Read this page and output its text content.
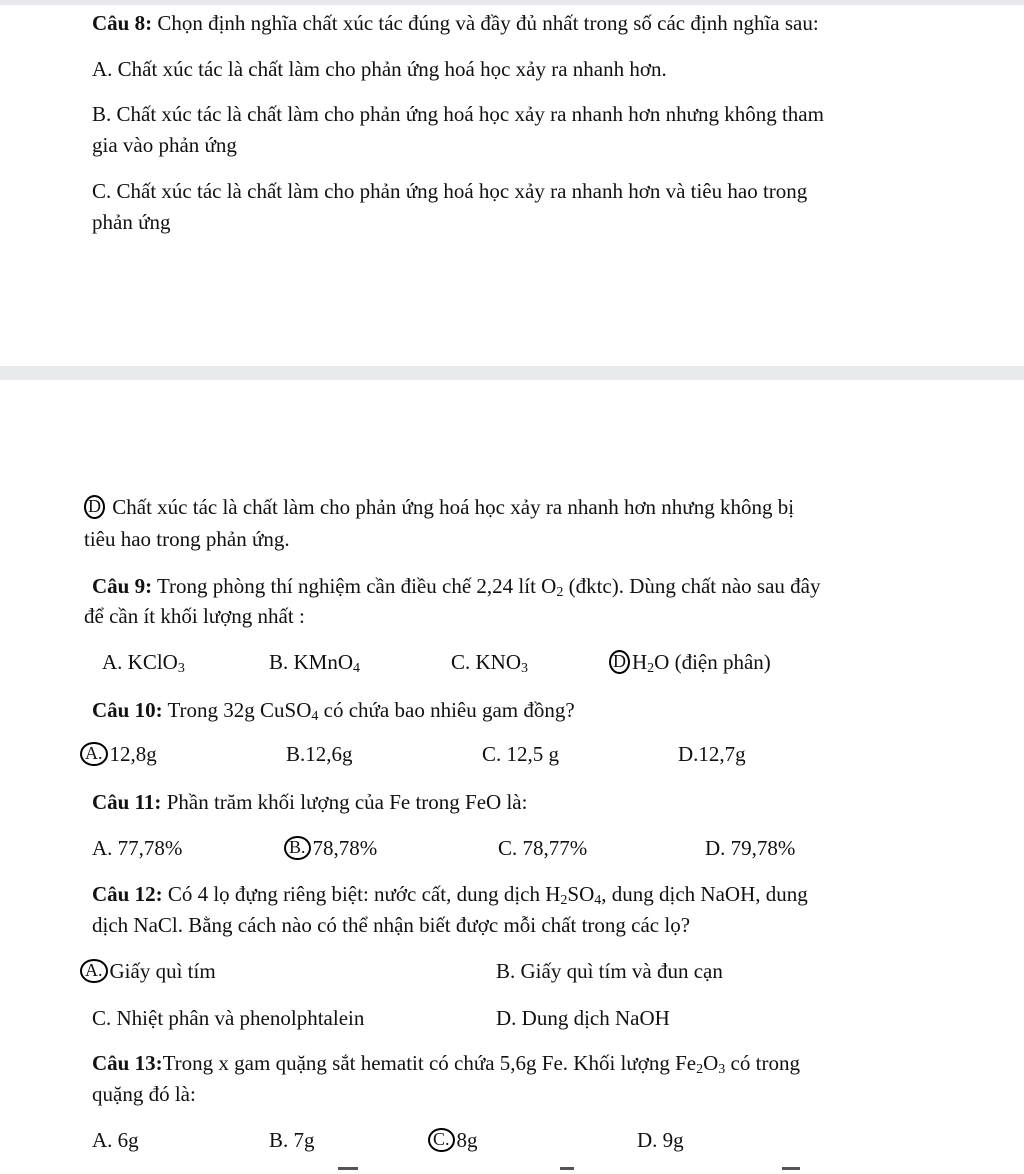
Câu 8: Chọn định nghĩa chất xúc tác đúng và đầy đủ nhất trong số các định nghĩa sau:
A. Chất xúc tác là chất làm cho phản ứng hoá học xảy ra nhanh hơn.
B. Chất xúc tác là chất làm cho phản ứng hoá học xảy ra nhanh hơn nhưng không tham
gia vào phản ứng
C. Chất xúc tác là chất làm cho phản ứng hoá học xảy ra nhanh hơn và tiêu hao trong
phản ứng
D Chất xúc tác là chất làm cho phản ứng hoá học xảy ra nhanh hơn nhưng không bị
tiêu hao trong phản ứng.
Câu 9: Trong phòng thí nghiệm cần điều chế 2,24 lít $O_2$ (đktc). Dùng chất nào sau đây
để cần ít khối lượng nhất :
A. KClO$_3$	B. KMnO$_4$	C. $KNO_3$	D $H_2O$ (điện phân)
Câu 10: Trong 32g CuSO$_4$ có chứa bao nhiêu gam đồng?
A. 12,8g	B.12,6g	C. 12,5 g	D.12,7g
Câu 11: Phần trăm khối lượng của Fe trong FeO là:
A. 77,78%	B. 78,78%	C. 78,77%	D. 79,78%
Câu 12: Có 4 lọ đựng riêng biệt: nước cất, dung dịch $H_2SO_4$, dung dịch NaOH, dung
dịch NaCl. Bằng cách nào có thể nhận biết được mỗi chất trong các lọ?
A. Giấy quì tím	B. Giấy quì tím và đun cạn
C. Nhiệt phân và phenolphtalein	D. Dung dịch NaOH
Câu 13:Trong x gam quặng sắt hematit có chứa 5,6g Fe. Khối lượng $Fe_2O_3$ có trong
quặng đó là:
A. 6g	B. 7g	C. 8g	D. 9g
